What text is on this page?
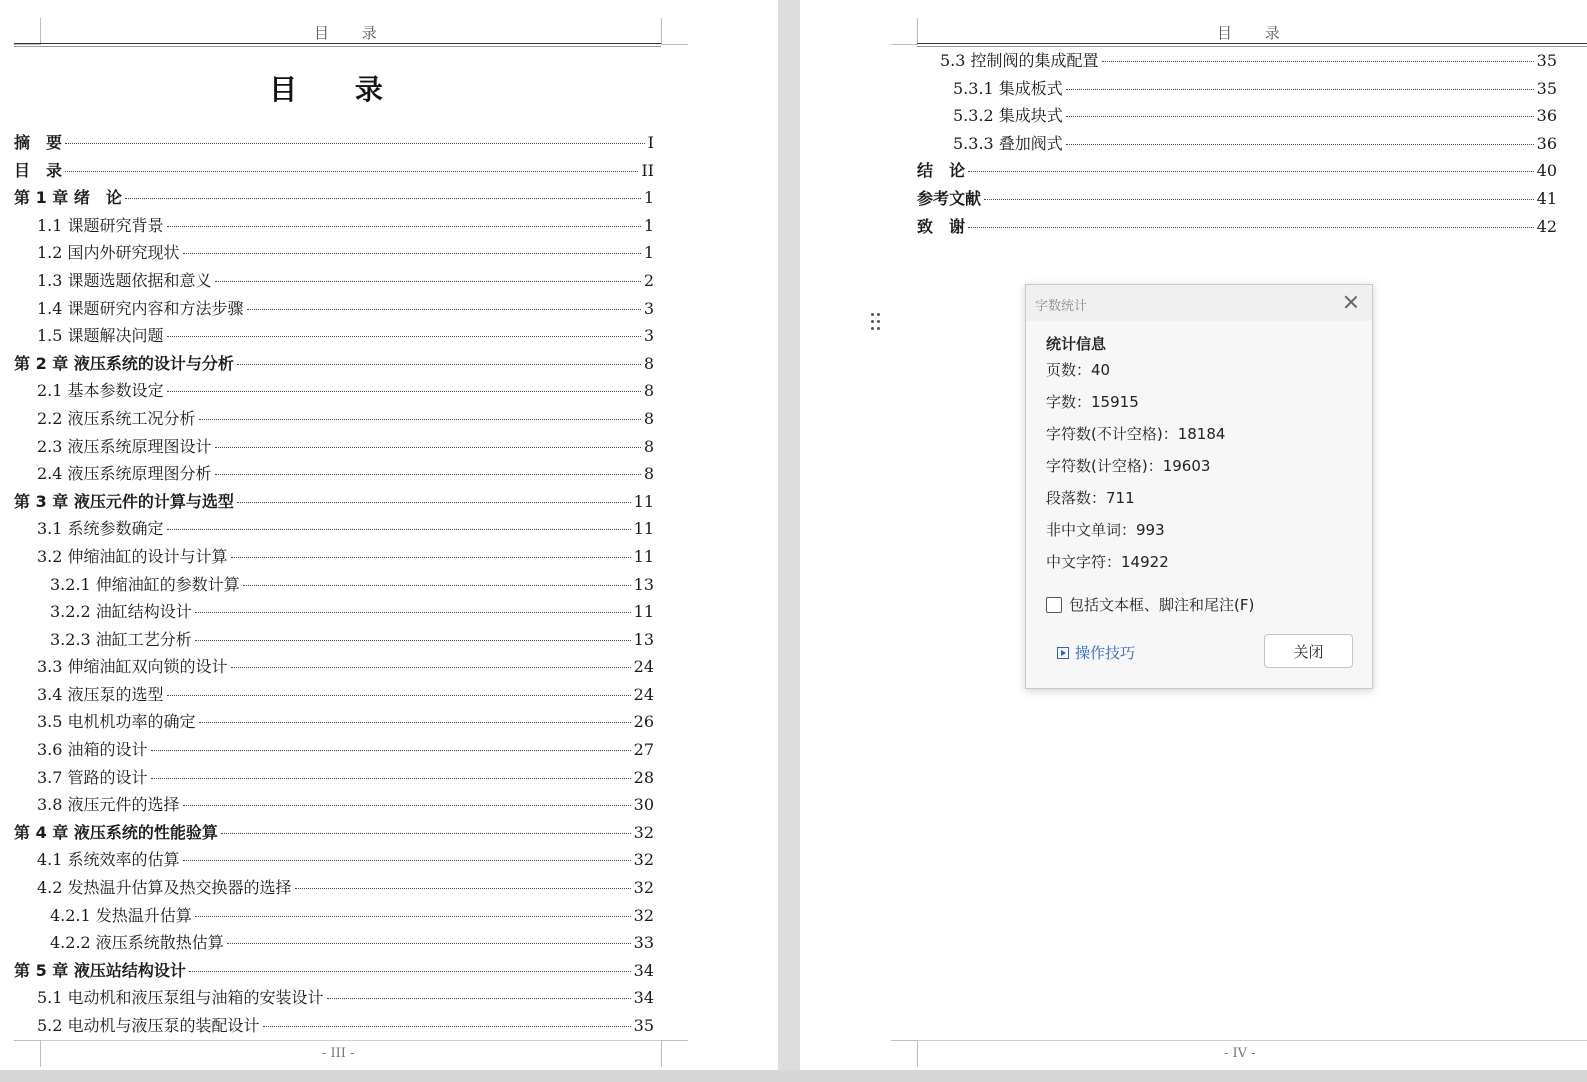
目 录
目 录
摘　要	I
目　录	II
第 1 章 绪　论	1
1.1 课题研究背景	1
1.2 国内外研究现状	1
1.3 课题选题依据和意义	2
1.4 课题研究内容和方法步骤	3
1.5 课题解决问题	3
第 2 章 液压系统的设计与分析	8
2.1 基本参数设定	8
2.2 液压系统工况分析	8
2.3 液压系统原理图设计	8
2.4 液压系统原理图分析	8
第 3 章 液压元件的计算与选型	11
3.1 系统参数确定	11
3.2 伸缩油缸的设计与计算	11
3.2.1 伸缩油缸的参数计算	13
3.2.2 油缸结构设计	11
3.2.3 油缸工艺分析	13
3.3 伸缩油缸双向锁的设计	24
3.4 液压泵的选型	24
3.5 电机机功率的确定	26
3.6 油箱的设计	27
3.7 管路的设计	28
3.8 液压元件的选择	30
第 4 章 液压系统的性能验算	32
4.1 系统效率的估算	32
4.2 发热温升估算及热交换器的选择	32
4.2.1 发热温升估算	32
4.2.2 液压系统散热估算	33
第 5 章 液压站结构设计	34
5.1 电动机和液压泵组与油箱的安装设计	34
5.2 电动机与液压泵的装配设计	35
- III -
目 录
5.3 控制阀的集成配置	35
5.3.1 集成板式	35
5.3.2 集成块式	36
5.3.3 叠加阀式	36
结　论	40
参考文献	41
致　谢	42
- IV -
字数统计
统计信息
页数：40
字数：15915
字符数(不计空格)：18184
字符数(计空格)：19603
段落数：711
非中文单词：993
中文字符：14922
包括文本框、脚注和尾注(F)
操作技巧	关闭
